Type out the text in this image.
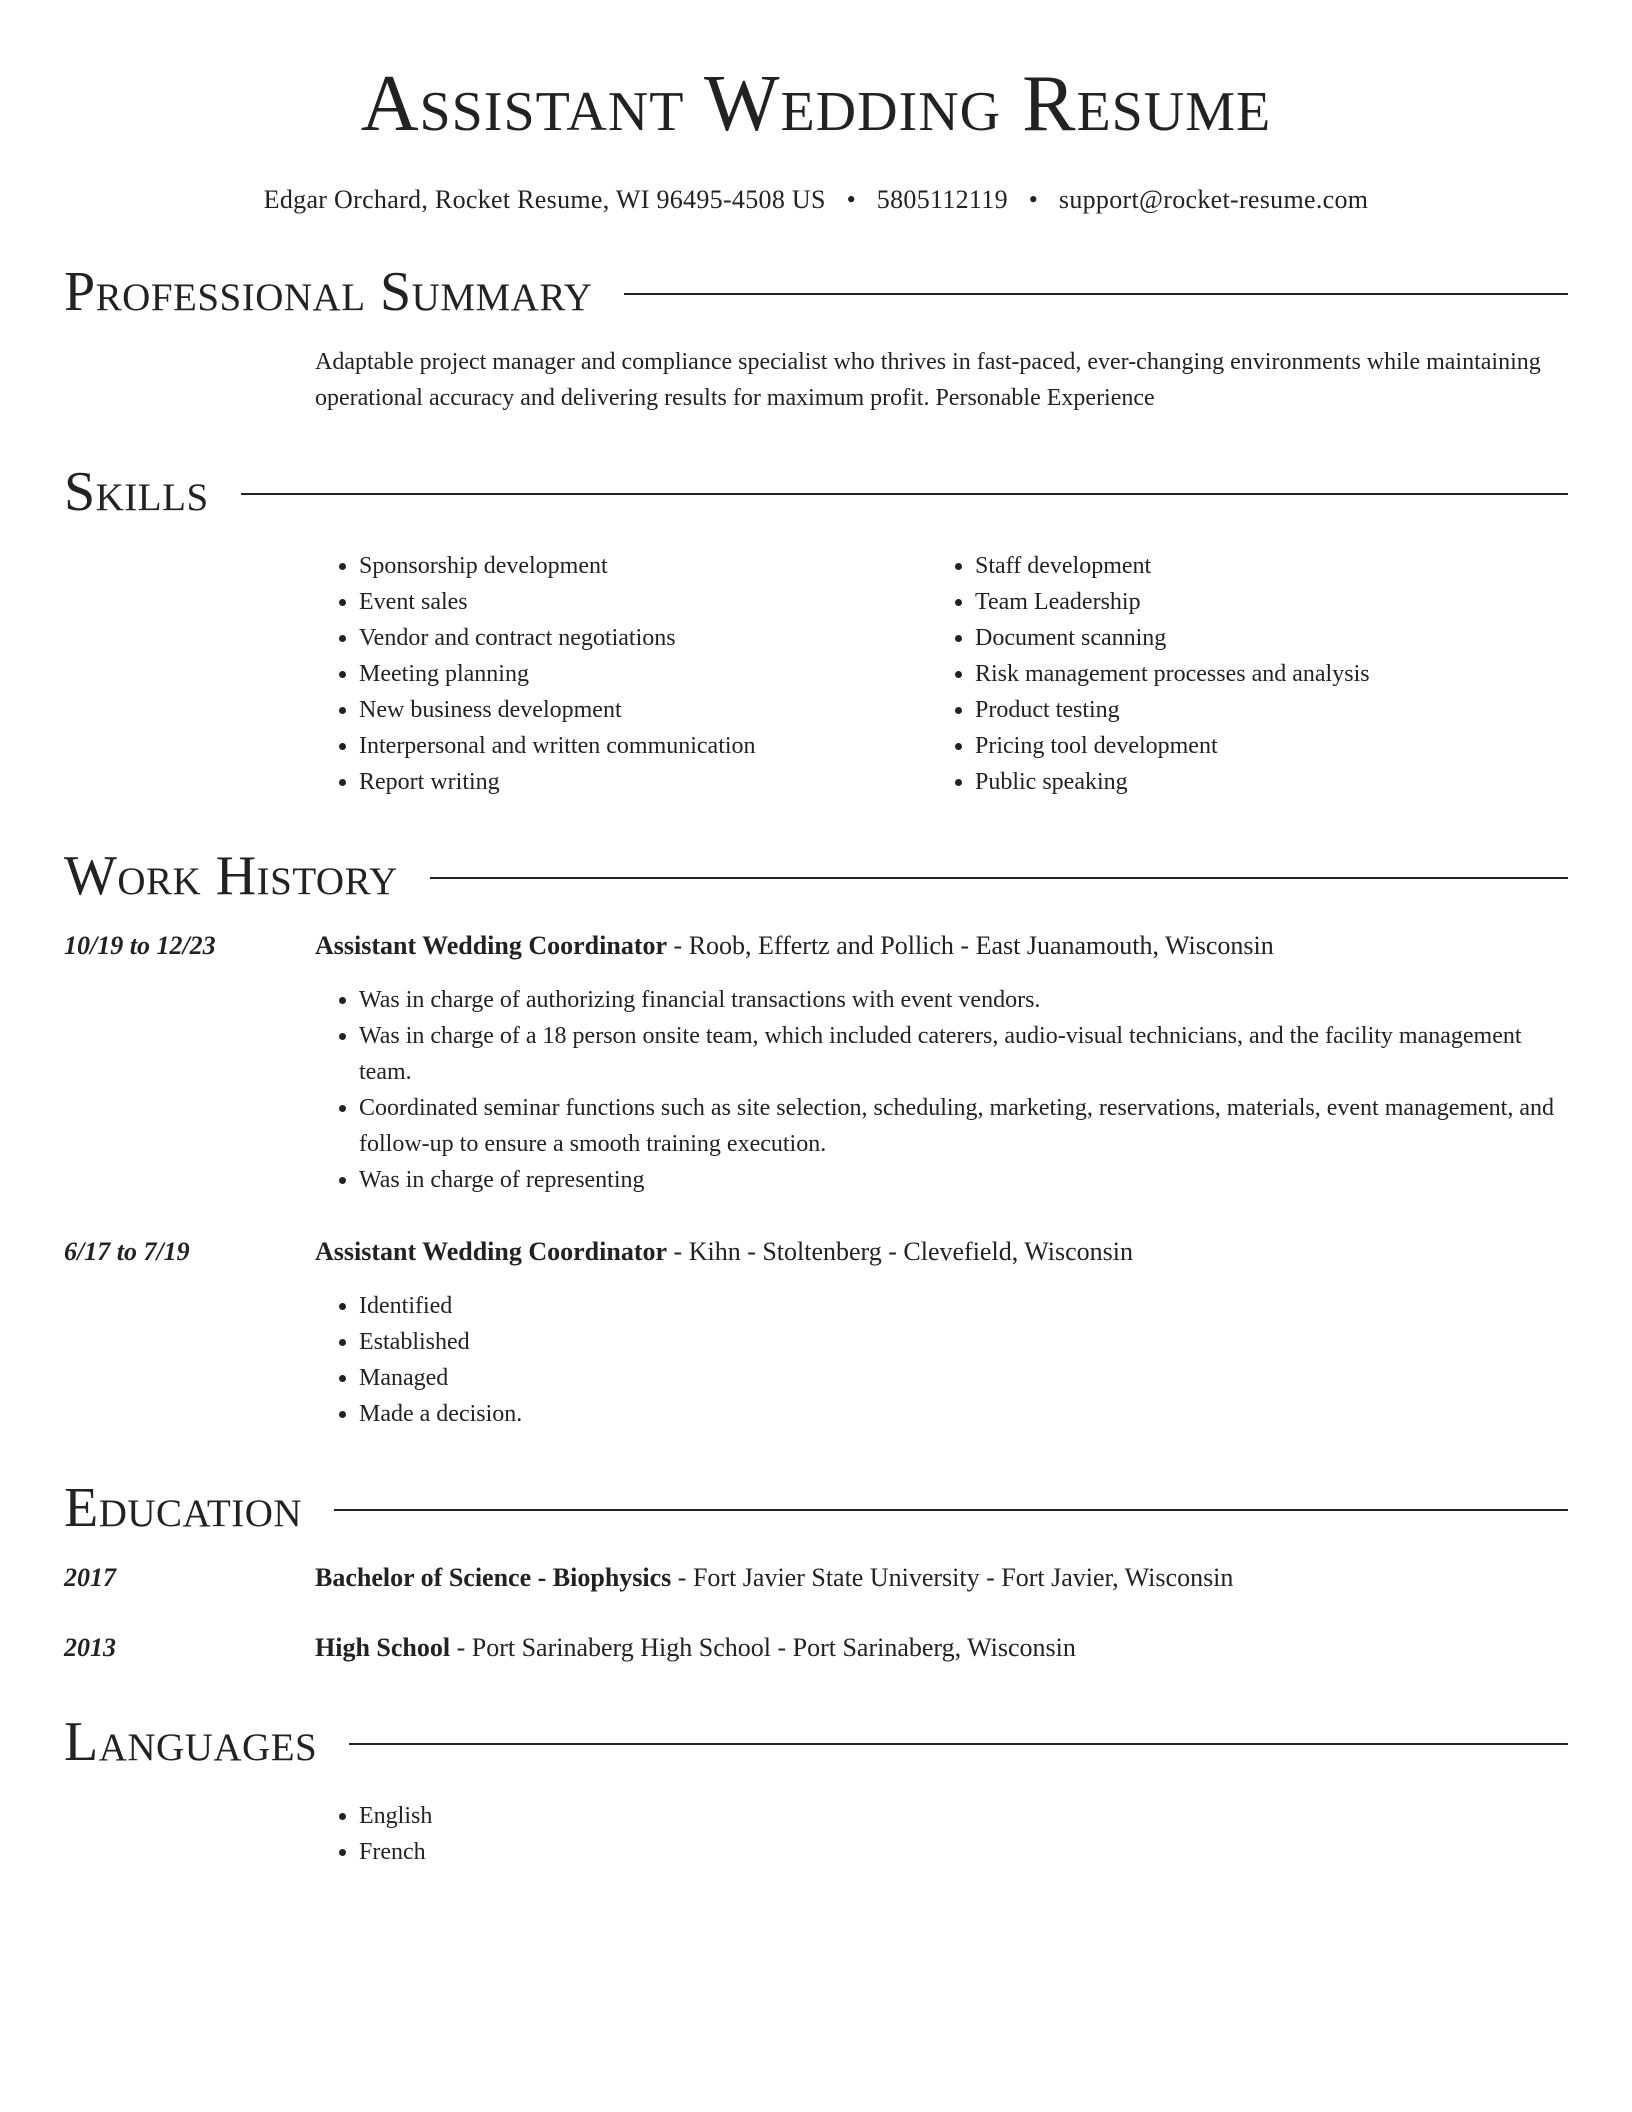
Assistant Wedding Resume
Edgar Orchard, Rocket Resume, WI 96495-4508 US • 5805112119 • support@rocket-resume.com
Professional Summary
Adaptable project manager and compliance specialist who thrives in fast-paced, ever-changing environments while maintaining operational accuracy and delivering results for maximum profit. Personable Experience
Skills
• Sponsorship development
• Event sales
• Vendor and contract negotiations
• Meeting planning
• New business development
• Interpersonal and written communication
• Report writing
• Staff development
• Team Leadership
• Document scanning
• Risk management processes and analysis
• Product testing
• Pricing tool development
• Public speaking
Work History
10/19 to 12/23	Assistant Wedding Coordinator - Roob, Effertz and Pollich - East Juanamouth, Wisconsin
• Was in charge of authorizing financial transactions with event vendors.
• Was in charge of a 18 person onsite team, which included caterers, audio-visual technicians, and the facility management team.
• Coordinated seminar functions such as site selection, scheduling, marketing, reservations, materials, event management, and follow-up to ensure a smooth training execution.
• Was in charge of representing
6/17 to 7/19	Assistant Wedding Coordinator - Kihn - Stoltenberg - Clevefield, Wisconsin
• Identified
• Established
• Managed
• Made a decision.
Education
2017	Bachelor of Science - Biophysics - Fort Javier State University - Fort Javier, Wisconsin
2013	High School - Port Sarinaberg High School - Port Sarinaberg, Wisconsin
Languages
• English
• French
